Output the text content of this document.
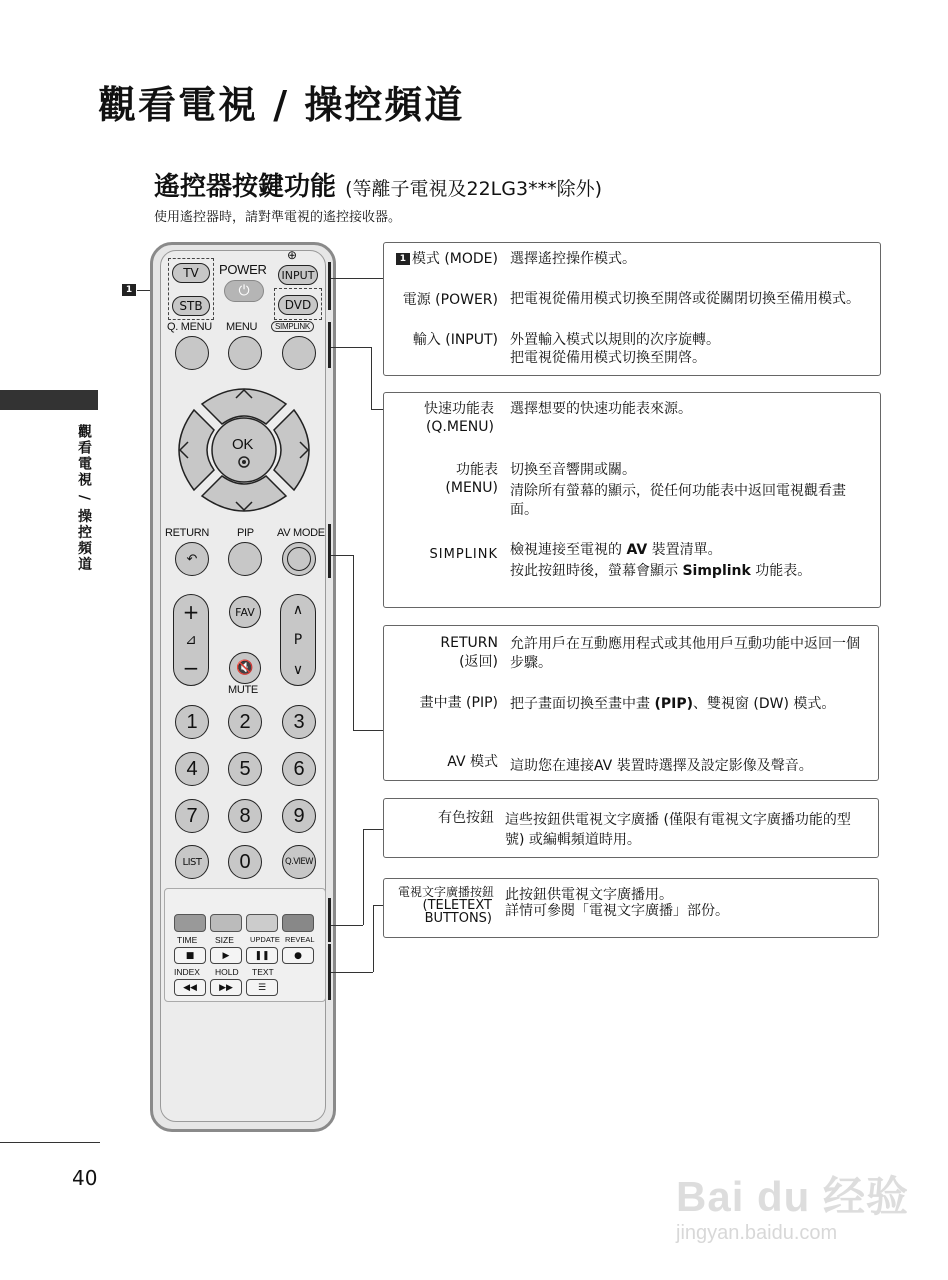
觀看電視 / 操控頻道
遙控器按鍵功能 (等離子電視及22LG3***除外)
使用遙控器時，請對準電視的遙控接收器。
觀看電視 / 操控頻道
40	Bai du 经验
jingyan.baidu.com
1
TV
STB
POWER
⏻
⊕
INPUT
DVD
Q. MENU MENU	SIMPLINK
OK
RETURN	PIP AV MODE
↶
+
⊿
−
FAV
🔇
MUTE
∧
P
∨
1	2	3
4	5	6
7	8	9
LIST	0	Q.VIEW
TIME SIZE UPDATE REVEAL
■	▶	❚❚	●
INDEX HOLD TEXT
◀◀ ▶▶	☰
1 模式 (MODE) 選擇遙控操作模式。
電源 (POWER) 把電視從備用模式切換至開啓或從關閉切換至備用模式。
輸入 (INPUT) 外置輸入模式以規則的次序旋轉。
把電視從備用模式切換至開啓。
快速功能表
(Q.MENU)
選擇想要的快速功能表來源。
功能表
(MENU)
切換至音響開或關。
清除所有螢幕的顯示，從任何功能表中返回電視觀看畫面。
SIMPLINK 檢視連接至電視的 AV 裝置清單。
按此按鈕時後，螢幕會顯示 Simplink 功能表。
RETURN
(返回)
允許用戶在互動應用程式或其他用戶互動功能中返回一個步驟。
畫中畫 (PIP) 把子畫面切換至畫中畫 (PIP)、雙視窗 (DW) 模式。
AV 模式 這助您在連接AV 裝置時選擇及設定影像及聲音。
有色按鈕 這些按鈕供電視文字廣播 (僅限有電視文字廣播功能的型號) 或編輯頻道時用。
電視文字廣播按鈕
(TELETEXT
BUTTONS)
此按鈕供電視文字廣播用。
詳情可參閱「電視文字廣播」部份。
